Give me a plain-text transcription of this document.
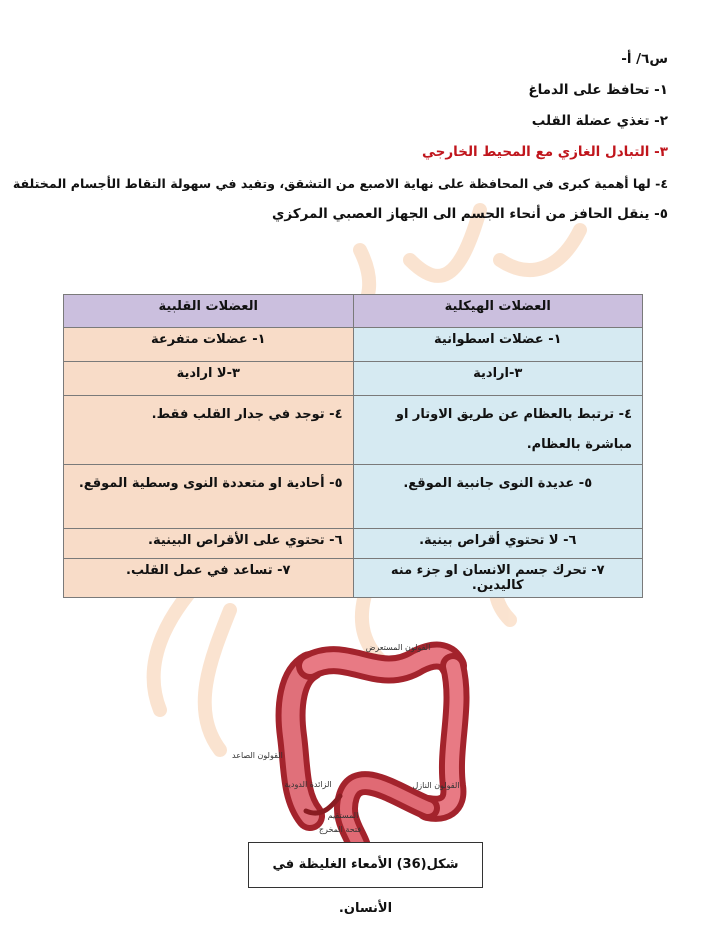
س٦/ أ-
١- تحافظ على الدماغ
٢- تغذي عضلة القلب
٣- التبادل الغازي مع المحيط الخارجي
٤- لها أهمية كبرى في المحافظة على نهاية الاصبع من التشقق، وتفيد في سهولة التقاط الأجسام المختلفة
٥- ينقل الحافز من أنحاء الجسم الى الجهاز العصبي المركزي
العضلات الهيكلية	العضلات القلبية
١- عضلات اسطوانية	١- عضلات متفرعة
٣-ارادية	٣-لا ارادية
٤- ترتبط بالعظام عن طريق الاوتار او مباشرة بالعظام.	٤- توجد في جدار القلب فقط.
٥- عديدة النوى جانبية الموقع.	٥- أحادية او متعددة النوى وسطية الموقع.
٦- لا تحتوي أقراص بينية.	٦- تحتوي على الأقراص البينية.
٧- تحرك جسم الانسان او جزء منه كاليدين.	٧- تساعد في عمل القلب.
القولون المستعرض
القولون الصاعد
الزائدة الدودية	القولون النازل
المستقيم
فتحة المخرج
شكل(36) الأمعاء الغليظة في الأنسان.
